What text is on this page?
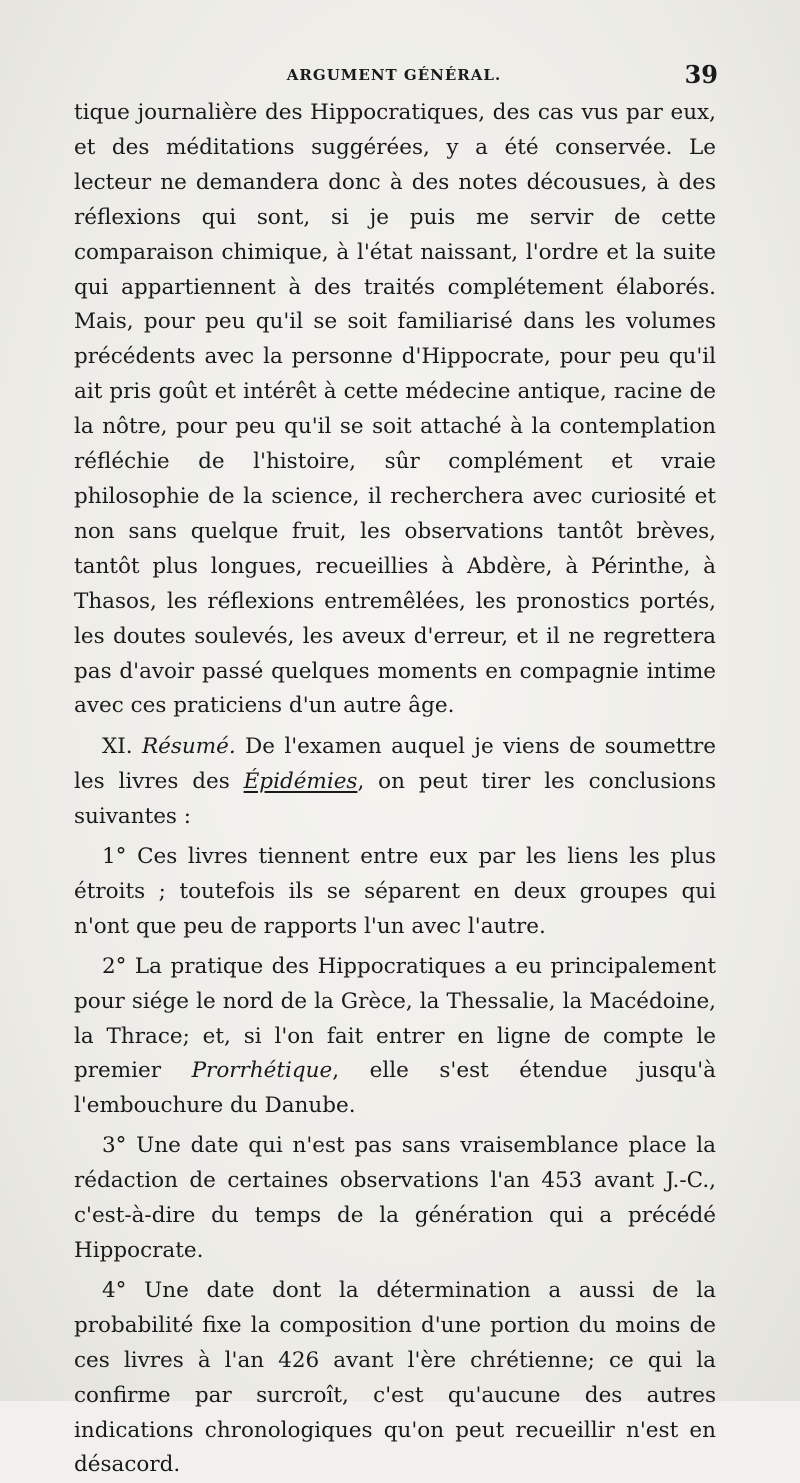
ARGUMENT GÉNÉRAL.	39

tique journalière des Hippocratiques, des cas vus par eux, et des méditations suggérées, y a été conservée. Le lecteur ne demandera donc à des notes décousues, à des réflexions qui sont, si je puis me servir de cette comparaison chimique, à l'état naissant, l'ordre et la suite qui appartiennent à des traités complétement élaborés. Mais, pour peu qu'il se soit familiarisé dans les volumes précédents avec la personne d'Hippocrate, pour peu qu'il ait pris goût et intérêt à cette médecine antique, racine de la nôtre, pour peu qu'il se soit attaché à la contemplation réfléchie de l'histoire, sûr complément et vraie philosophie de la science, il recherchera avec curiosité et non sans quelque fruit, les observations tantôt brèves, tantôt plus longues, recueillies à Abdère, à Périnthe, à Thasos, les réflexions entremêlées, les pronostics portés, les doutes soulevés, les aveux d'erreur, et il ne regrettera pas d'avoir passé quelques moments en compagnie intime avec ces praticiens d'un autre âge.

XI. Résumé. De l'examen auquel je viens de soumettre les livres des Épidémies, on peut tirer les conclusions suivantes :

1° Ces livres tiennent entre eux par les liens les plus étroits ; toutefois ils se séparent en deux groupes qui n'ont que peu de rapports l'un avec l'autre.

2° La pratique des Hippocratiques a eu principalement pour siége le nord de la Grèce, la Thessalie, la Macédoine, la Thrace; et, si l'on fait entrer en ligne de compte le premier Prorrhétique, elle s'est étendue jusqu'à l'embouchure du Danube.

3° Une date qui n'est pas sans vraisemblance place la rédaction de certaines observations l'an 453 avant J.-C., c'est-à-dire du temps de la génération qui a précédé Hippocrate.

4° Une date dont la détermination a aussi de la probabilité fixe la composition d'une portion du moins de ces livres à l'an 426 avant l'ère chrétienne; ce qui la confirme par surcroît, c'est qu'aucune des autres indications chronologiques qu'on peut recueillir n'est en désacord.
